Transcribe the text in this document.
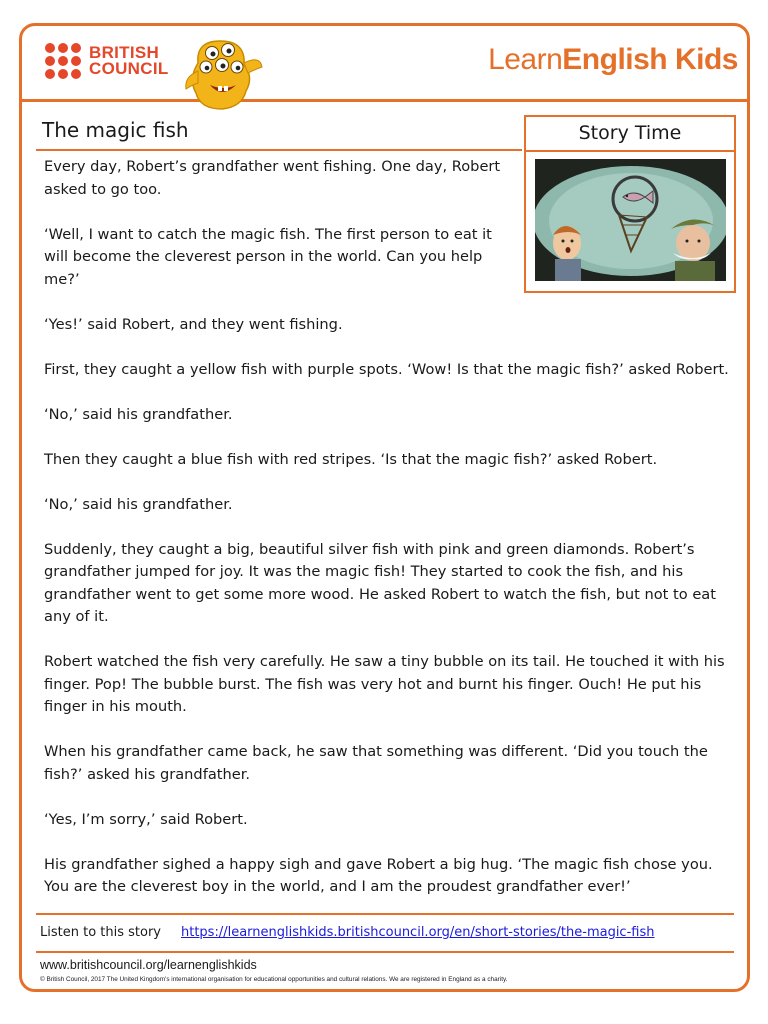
BRITISH
COUNCIL	LearnEnglish Kids
The magic fish	Story Time

Every day, Robert’s grandfather went fishing. One day, Robert asked to go too.

‘Well, I want to catch the magic fish. The first person to eat it will become the cleverest person in the world. Can you help me?’

‘Yes!’ said Robert, and they went fishing.

First, they caught a yellow fish with purple spots. ‘Wow! Is that the magic fish?’ asked Robert.

‘No,’ said his grandfather.

Then they caught a blue fish with red stripes. ‘Is that the magic fish?’ asked Robert.

‘No,’ said his grandfather.

Suddenly, they caught a big, beautiful silver fish with pink and green diamonds. Robert’s grandfather jumped for joy. It was the magic fish! They started to cook the fish, and his grandfather went to get some more wood. He asked Robert to watch the fish, but not to eat any of it.

Robert watched the fish very carefully. He saw a tiny bubble on its tail. He touched it with his finger. Pop! The bubble burst. The fish was very hot and burnt his finger. Ouch! He put his finger in his mouth.

When his grandfather came back, he saw that something was different. ‘Did you touch the fish?’ asked his grandfather.

‘Yes, I’m sorry,’ said Robert.

His grandfather sighed a happy sigh and gave Robert a big hug. ‘The magic fish chose you. You are the cleverest boy in the world, and I am the proudest grandfather ever!’

Listen to this story https://learnenglishkids.britishcouncil.org/en/short-stories/the-magic-fish
www.britishcouncil.org/learnenglishkids
© British Council, 2017 The United Kingdom’s international organisation for educational opportunities and cultural relations. We are registered in England as a charity.
